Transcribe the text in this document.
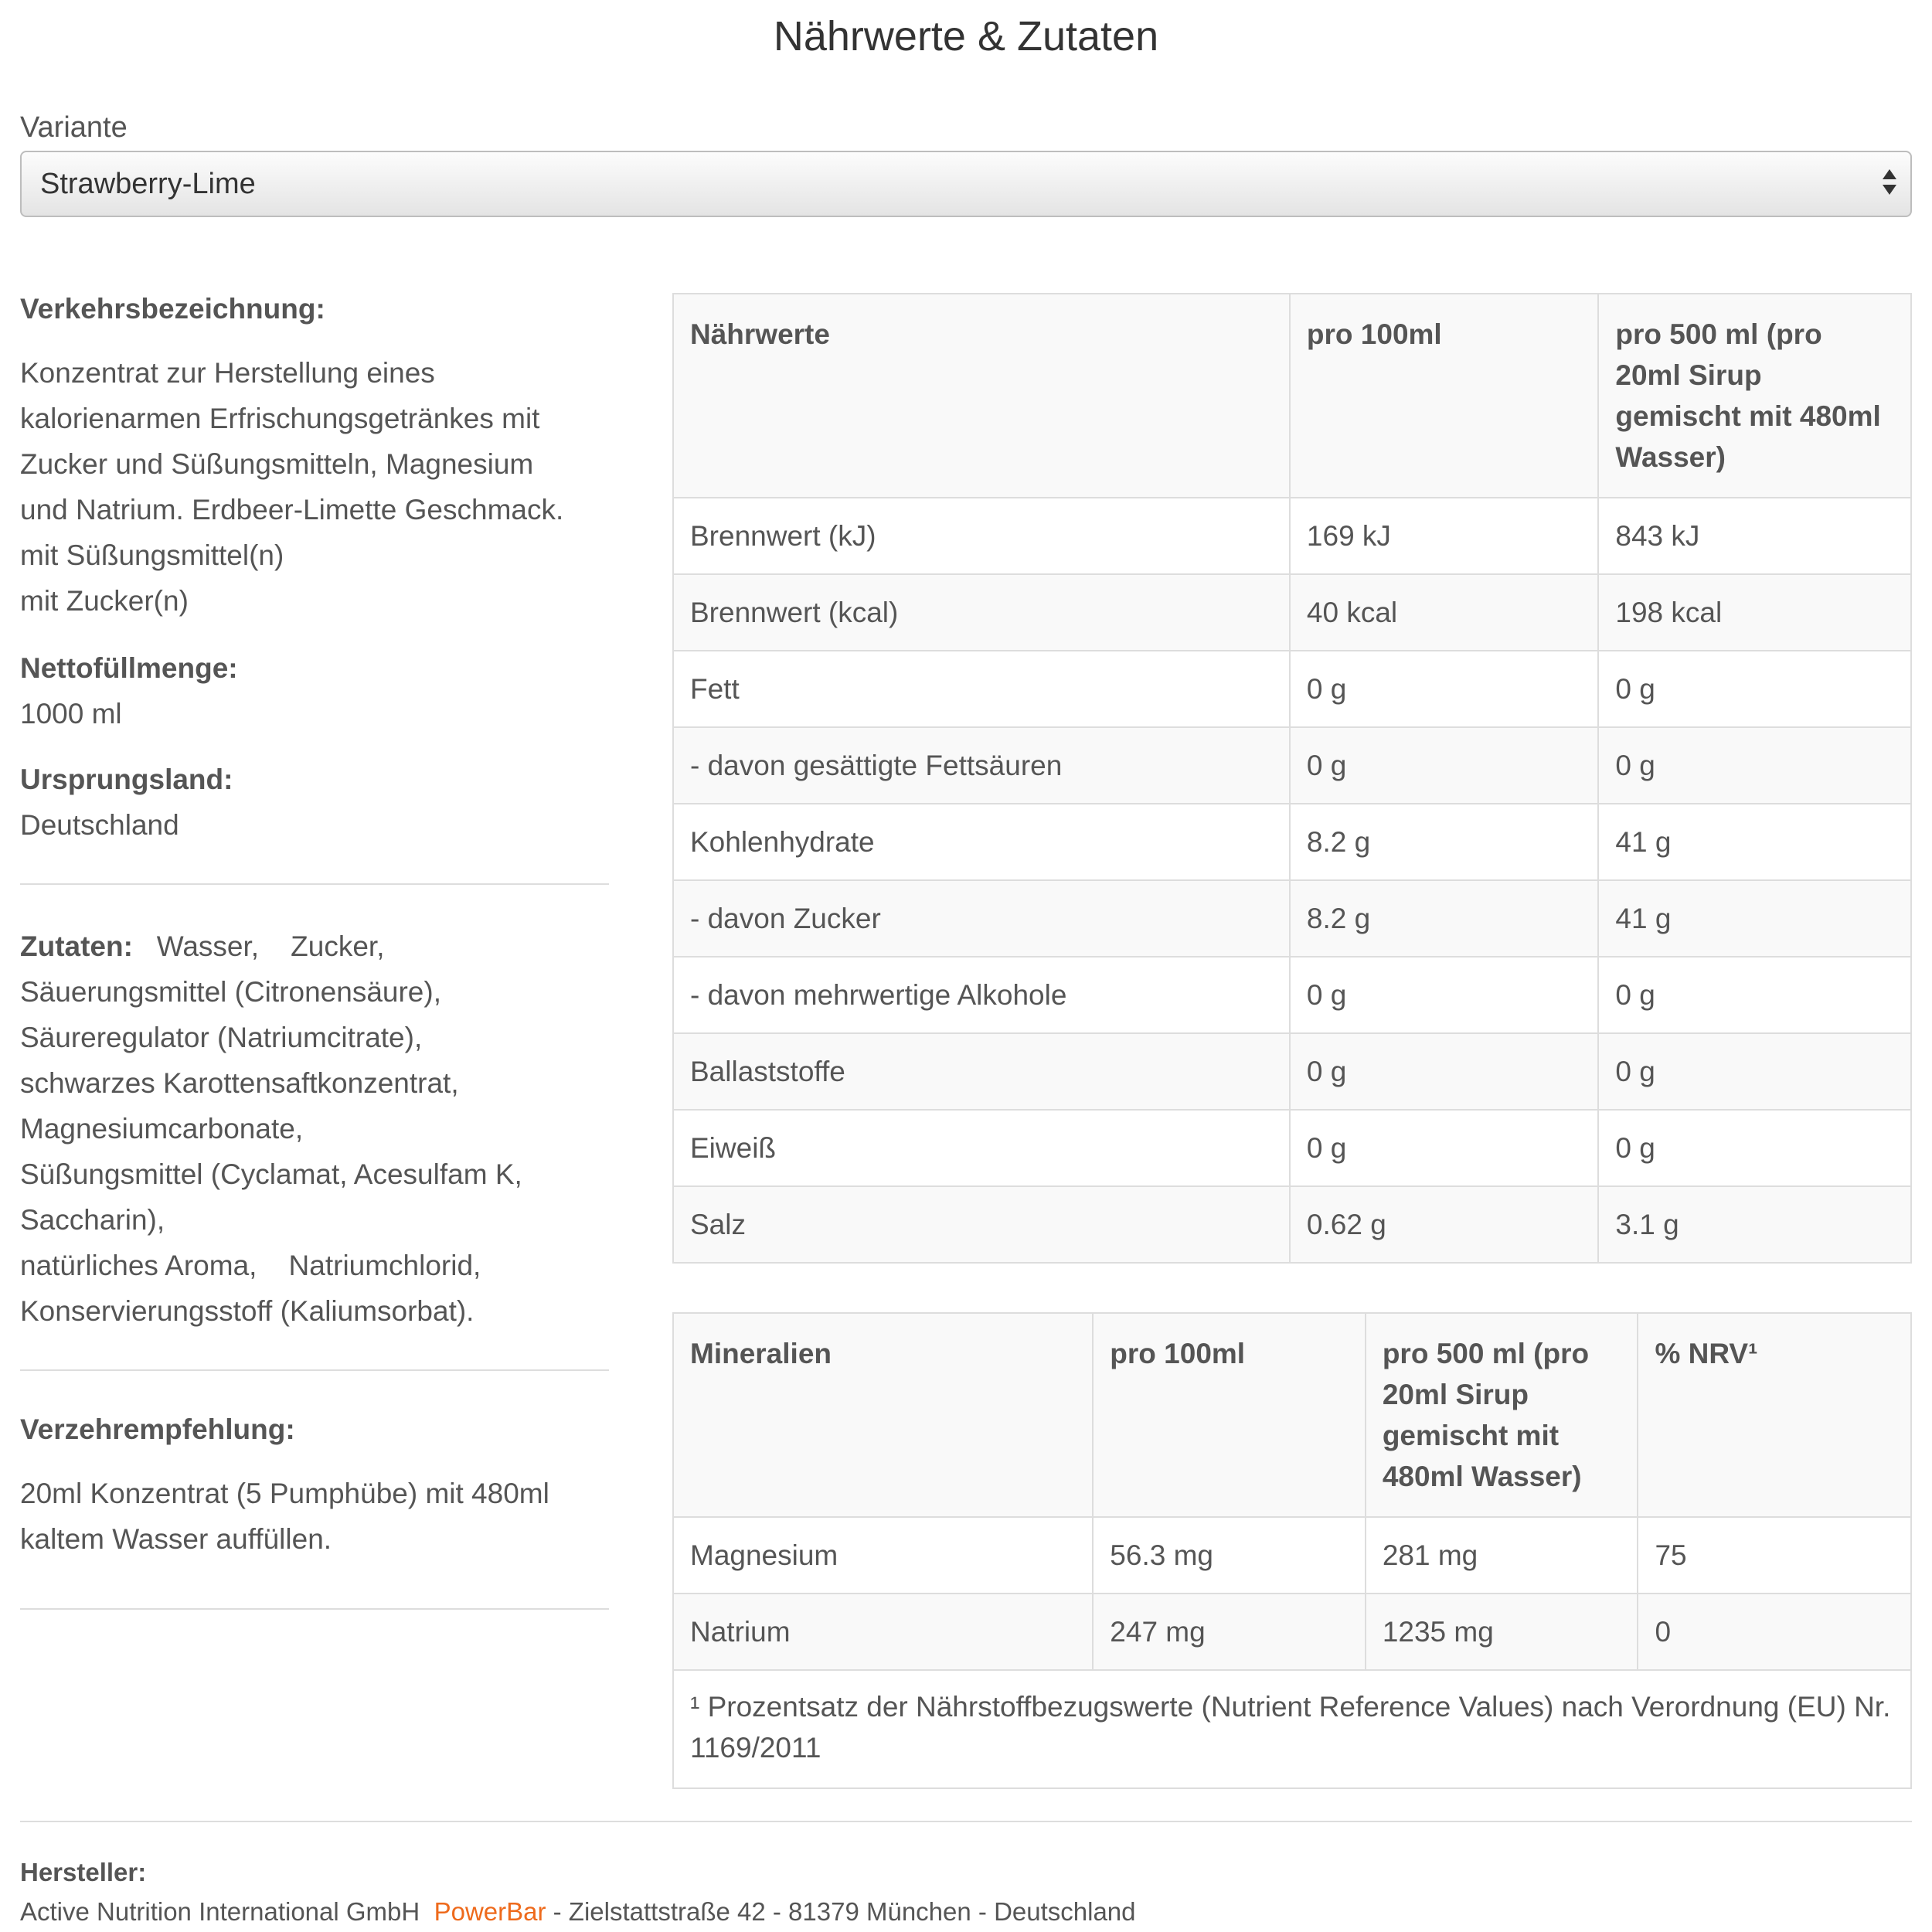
Nährwerte & Zutaten
Variante
Strawberry-Lime
Verkehrsbezeichnung:
Konzentrat zur Herstellung eines
kalorienarmen Erfrischungsgetränkes mit
Zucker und Süßungsmitteln, Magnesium
und Natrium. Erdbeer-Limette Geschmack.
mit Süßungsmittel(n)
mit Zucker(n)
Nettofüllmenge:
1000 ml
Ursprungsland:
Deutschland
Zutaten: Wasser,    Zucker,
Säuerungsmittel (Citronensäure),
Säureregulator (Natriumcitrate),
schwarzes Karottensaftkonzentrat,
Magnesiumcarbonate,
Süßungsmittel (Cyclamat, Acesulfam K,
Saccharin),
natürliches Aroma,    Natriumchlorid,
Konservierungsstoff (Kaliumsorbat).
Verzehrempfehlung:
20ml Konzentrat (5 Pumphübe) mit 480ml
kaltem Wasser auffüllen.
Nährwerte	pro 100ml	pro 500 ml (pro 20ml Sirup gemischt mit 480ml Wasser)
Brennwert (kJ)	169 kJ	843 kJ
Brennwert (kcal)	40 kcal	198 kcal
Fett	0 g	0 g
- davon gesättigte Fettsäuren	0 g	0 g
Kohlenhydrate	8.2 g	41 g
- davon Zucker	8.2 g	41 g
- davon mehrwertige Alkohole	0 g	0 g
Ballaststoffe	0 g	0 g
Eiweiß	0 g	0 g
Salz	0.62 g	3.1 g
Mineralien	pro 100ml	pro 500 ml (pro 20ml Sirup gemischt mit 480ml Wasser)	% NRV¹
Magnesium	56.3 mg	281 mg	75
Natrium	247 mg	1235 mg	0
¹ Prozentsatz der Nährstoffbezugswerte (Nutrient Reference Values) nach Verordnung (EU) Nr. 1169/2011			
Hersteller:
Active Nutrition International GmbH PowerBar - Zielstattstraße 42 - 81379 München - Deutschland
